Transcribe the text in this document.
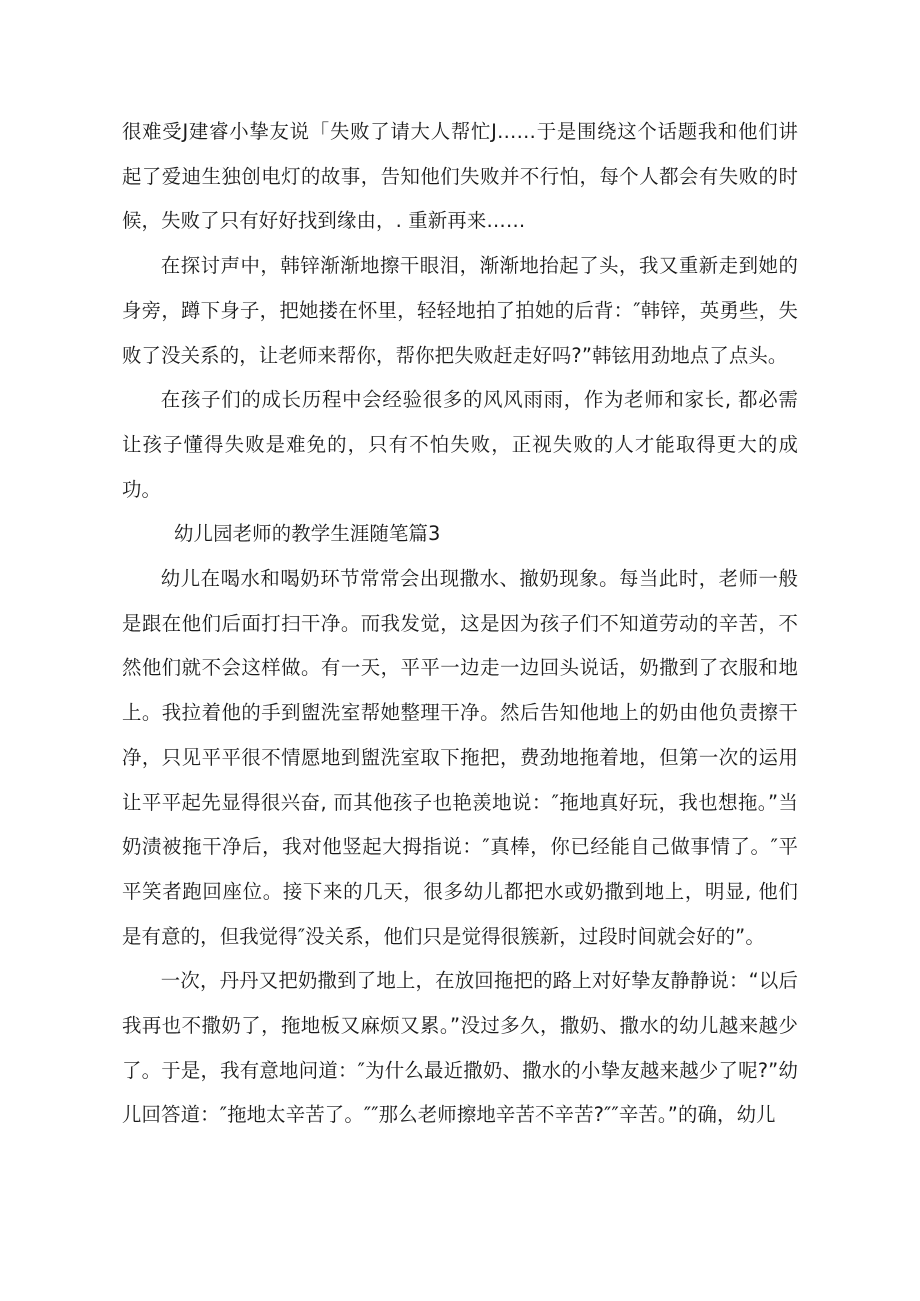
很难受J建睿小挚友说「失败了请大人帮忙J……于是围绕这个话题我和他们讲起了爱迪生独创电灯的故事，告知他们失败并不行怕，每个人都会有失败的时候，失败了只有好好找到缘由，. 重新再来……

在探讨声中，韩锌渐渐地擦干眼泪，渐渐地抬起了头，我又重新走到她的身旁，蹲下身子，把她搂在怀里，轻轻地拍了拍她的后背：″韩锌，英勇些，失败了没关系的，让老师来帮你，帮你把失败赶走好吗?”韩铉用劲地点了点头。

在孩子们的成长历程中会经验很多的风风雨雨，作为老师和家长, 都必需让孩子懂得失败是难免的，只有不怕失败，正视失败的人才能取得更大的成功。

幼儿园老师的教学生涯随笔篇3

幼儿在喝水和喝奶环节常常会出现撒水、撤奶现象。每当此时，老师一般是跟在他们后面打扫干净。而我发觉，这是因为孩子们不知道劳动的辛苦，不然他们就不会这样做。有一天，平平一边走一边回头说话，奶撒到了衣服和地上。我拉着他的手到盥洗室帮她整理干净。然后告知他地上的奶由他负责擦干净，只见平平很不情愿地到盥洗室取下拖把，费劲地拖着地，但第一次的运用让平平起先显得很兴奋, 而其他孩子也艳羡地说：″拖地真好玩，我也想拖。”当奶渍被拖干净后，我对他竖起大拇指说：″真棒，你已经能自己做事情了。″平平笑者跑回座位。接下来的几天，很多幼儿都把水或奶撒到地上，明显, 他们是有意的，但我觉得″没关系，他们只是觉得很簇新，过段时间就会好的”。

一次，丹丹又把奶撒到了地上，在放回拖把的路上对好挚友静静说：“以后我再也不撒奶了，拖地板又麻烦又累。”没过多久，撒奶、撒水的幼儿越来越少了。于是，我有意地问道：″为什么最近撒奶、撒水的小挚友越来越少了呢?”幼儿回答道：″拖地太辛苦了。″″那么老师擦地辛苦不辛苦?″″辛苦。”的确，幼儿
